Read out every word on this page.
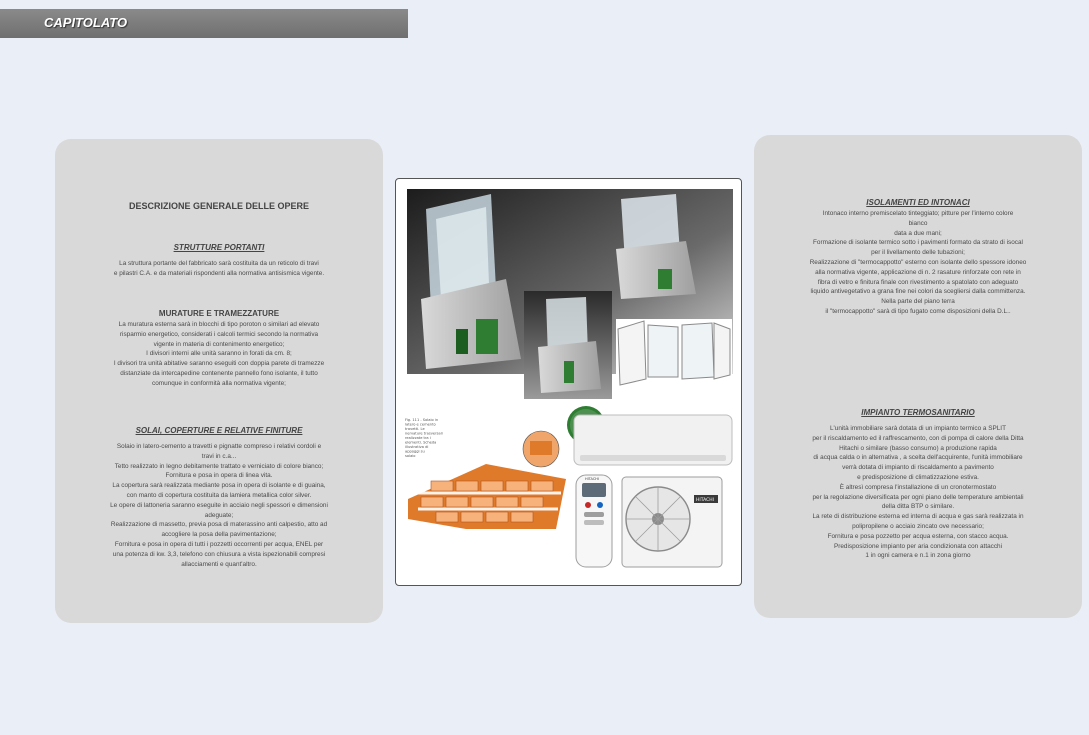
CAPITOLATO
DESCRIZIONE GENERALE DELLE OPERE
STRUTTURE PORTANTI
La struttura portante del fabbricato sarà costituita da un reticolo di travi
e pilastri C.A. e da materiali rispondenti alla normativa antisismica vigente.
MURATURE E TRAMEZZATURE
La muratura esterna sarà in blocchi di tipo poroton o similari ad elevato
risparmio energetico, considerati i calcoli termici secondo la normativa
vigente in materia di contenimento energetico;
I divisori interni alle unità saranno in forati da cm. 8;
I divisori tra unità abitative saranno eseguiti con doppia parete di tramezze
distanziate da intercapedine contenente pannello fono isolante, il tutto
comunque in conformità alla normativa vigente;
SOLAI, COPERTURE E RELATIVE FINITURE
Solaio in latero-cemento a travetti e pignatte compreso i relativi cordoli e
travi in c.a...
Tetto realizzato in legno debitamente trattato e verniciato di colore bianco;
Fornitura e posa in opera di linea vita.
La copertura sarà realizzata mediante posa in opera di isolante e di guaina,
con manto di copertura costituita da lamiera metallica color silver.
Le opere di lattoneria saranno eseguite in acciaio negli spessori e dimensioni
adeguate;
Realizzazione di massetto, previa posa di materassino anti calpestio, atto ad
accogliere la posa della pavimentazione;
Fornitura e posa in opera di tutti i pozzetti occorrenti per acqua, ENEL per
una potenza di kw. 3,3, telefono con chiusura a vista ispezionabili compresi
allacciamenti e quant'altro.
Fig. 111 - Solaio in latero e cemento travetti. Le nervature trasversali realizzate tra i elementi. Scheda illustrativa di appoggi su solaio
HITACHI
HITACHI
ISOLAMENTI ED INTONACI
Intonaco interno premiscelato tinteggiato; pitture per l'interno colore
bianco
data a due mani;
Formazione di isolante termico sotto i pavimenti formato da strato di isocal
per il livellamento delle tubazioni;
Realizzazione di "termocappotto" esterno con isolante dello spessore idoneo
alla normativa vigente, applicazione di n. 2 rasature rinforzate con rete in
fibra di vetro e finitura finale con rivestimento a spatolato con adeguato
liquido antivegetativo a grana fine nei colori da scegliersi dalla committenza.
Nella parte del piano terra
il "termocappotto" sarà di tipo fugato come disposizioni della D.L..
IMPIANTO TERMOSANITARIO
L'unità immobiliare sarà dotata di un impianto termico a SPLIT
per il riscaldamento ed il raffrescamento, con di pompa di calore della Ditta
Hitachi o similare (basso consumo) a produzione rapida
di acqua calda o in alternativa , a scelta dell'acquirente, l'unità immobiliare
verrà dotata di impianto di riscaldamento a pavimento
e predisposizione di climatizzazione estiva.
È altresì compresa l'installazione di un cronotermostato
per la regolazione diversificata per ogni piano delle temperature ambientali
della ditta BTP o similare.
La rete di distribuzione esterna ed interna di acqua e gas sarà realizzata in
polipropilene o acciaio zincato ove necessario;
Fornitura e posa pozzetto per acqua esterna, con stacco acqua.
Predisposizione impianto per aria condizionata con attacchi
1 in ogni camera e n.1 in zona giorno
